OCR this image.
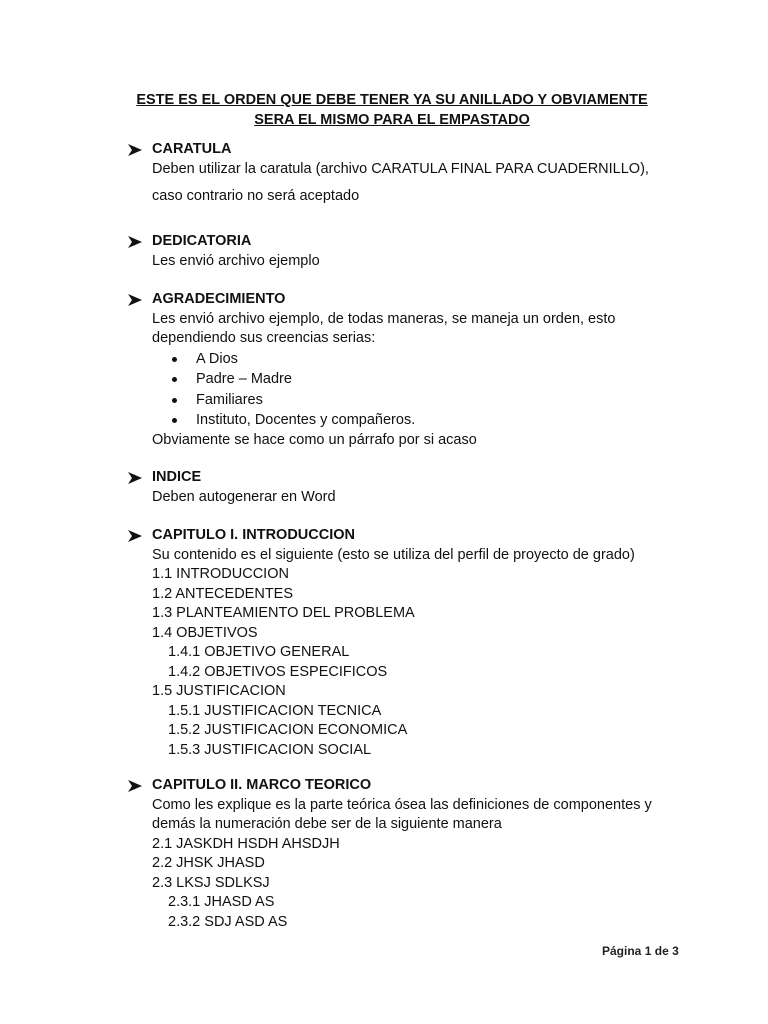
ESTE ES EL ORDEN QUE DEBE TENER YA SU ANILLADO Y OBVIAMENTE
SERA EL MISMO PARA EL EMPASTADO
CARATULA
Deben utilizar la caratula (archivo CARATULA FINAL PARA CUADERNILLO),
caso contrario no será aceptado
DEDICATORIA
Les envió archivo ejemplo
AGRADECIMIENTO
Les envió archivo ejemplo, de todas maneras, se maneja un orden, esto
dependiendo sus creencias serias:
A Dios
Padre – Madre
Familiares
Instituto, Docentes y compañeros.
Obviamente se hace como un párrafo por si acaso
INDICE
Deben autogenerar en Word
CAPITULO I. INTRODUCCION
Su contenido es el siguiente (esto se utiliza del perfil de proyecto de grado)
1.1 INTRODUCCION
1.2 ANTECEDENTES
1.3 PLANTEAMIENTO DEL PROBLEMA
1.4 OBJETIVOS
1.4.1 OBJETIVO GENERAL
1.4.2 OBJETIVOS ESPECIFICOS
1.5 JUSTIFICACION
1.5.1 JUSTIFICACION TECNICA
1.5.2 JUSTIFICACION ECONOMICA
1.5.3 JUSTIFICACION SOCIAL
CAPITULO II. MARCO TEORICO
Como les explique es la parte teórica ósea las definiciones de componentes y
demás la numeración debe ser de la siguiente manera
2.1 JASKDH HSDH AHSDJH
2.2 JHSK JHASD
2.3 LKSJ SDLKSJ
2.3.1 JHASD AS
2.3.2 SDJ ASD AS
Página 1 de 3
